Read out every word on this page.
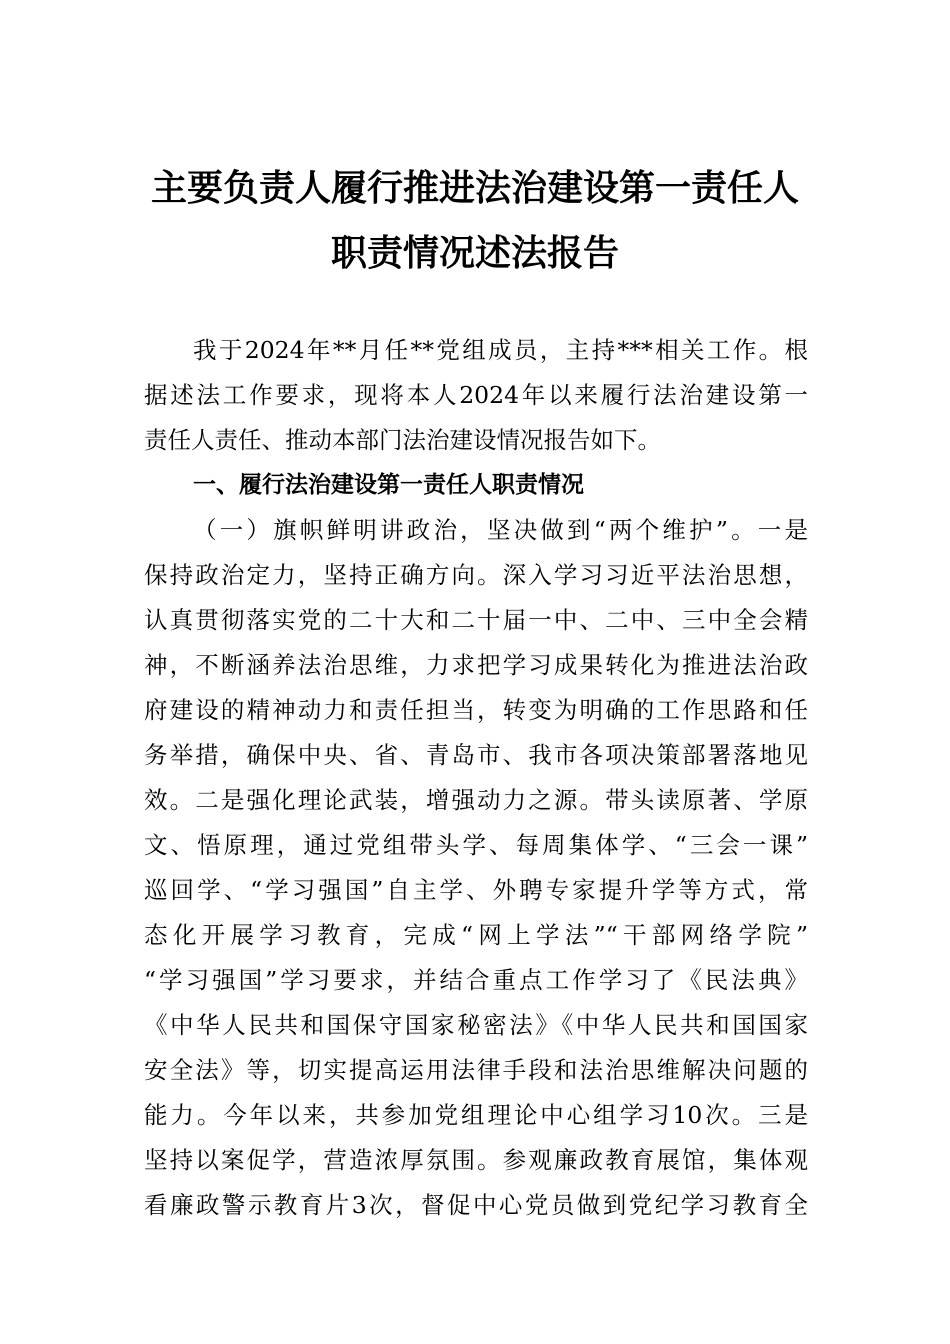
主要负责人履行推进法治建设第一责任人
职责情况述法报告
我于2024年**月任**党组成员，主持***相关工作。根
据述法工作要求，现将本人2024年以来履行法治建设第一
责任人责任、推动本部门法治建设情况报告如下。
一、履行法治建设第一责任人职责情况
（一）旗帜鲜明讲政治，坚决做到“两个维护”。一是
保持政治定力，坚持正确方向。深入学习习近平法治思想，
认真贯彻落实党的二十大和二十届一中、二中、三中全会精
神，不断涵养法治思维，力求把学习成果转化为推进法治政
府建设的精神动力和责任担当，转变为明确的工作思路和任
务举措，确保中央、省、青岛市、我市各项决策部署落地见
效。二是强化理论武装，增强动力之源。带头读原著、学原
文、悟原理，通过党组带头学、每周集体学、“三会一课”
巡回学、“学习强国”自主学、外聘专家提升学等方式，常
态化开展学习教育，完成“网上学法”“干部网络学院”
“学习强国”学习要求，并结合重点工作学习了《民法典》
《中华人民共和国保守国家秘密法》《中华人民共和国国家
安全法》等，切实提高运用法律手段和法治思维解决问题的
能力。今年以来，共参加党组理论中心组学习10次。三是
坚持以案促学，营造浓厚氛围。参观廉政教育展馆，集体观
看廉政警示教育片3次，督促中心党员做到党纪学习教育全
